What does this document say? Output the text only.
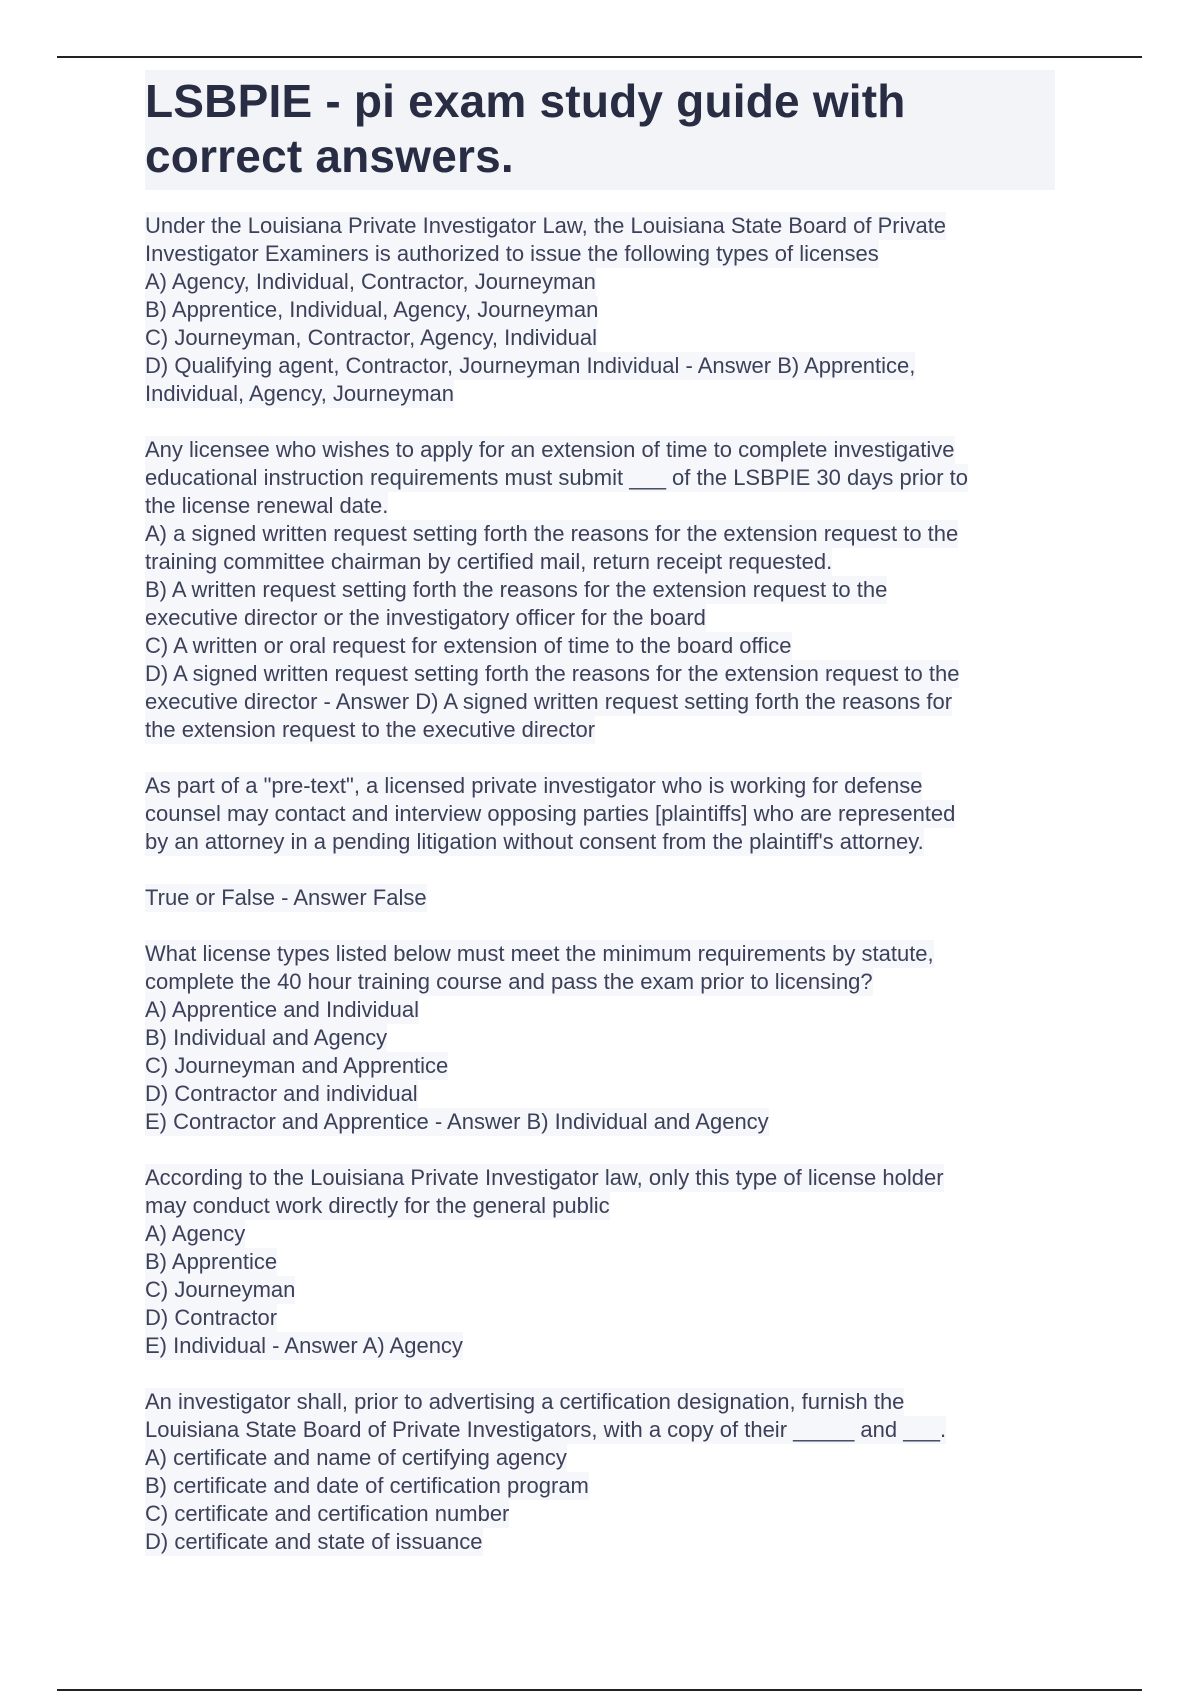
LSBPIE - pi exam study guide with
correct answers.
Under the Louisiana Private Investigator Law, the Louisiana State Board of Private
Investigator Examiners is authorized to issue the following types of licenses
A) Agency, Individual, Contractor, Journeyman
B) Apprentice, Individual, Agency, Journeyman
C) Journeyman, Contractor, Agency, Individual
D) Qualifying agent, Contractor, Journeyman Individual - Answer B) Apprentice,
Individual, Agency, Journeyman
Any licensee who wishes to apply for an extension of time to complete investigative
educational instruction requirements must submit ___ of the LSBPIE 30 days prior to
the license renewal date.
A) a signed written request setting forth the reasons for the extension request to the
training committee chairman by certified mail, return receipt requested.
B) A written request setting forth the reasons for the extension request to the
executive director or the investigatory officer for the board
C) A written or oral request for extension of time to the board office
D) A signed written request setting forth the reasons for the extension request to the
executive director - Answer D) A signed written request setting forth the reasons for
the extension request to the executive director
As part of a "pre-text", a licensed private investigator who is working for defense
counsel may contact and interview opposing parties [plaintiffs] who are represented
by an attorney in a pending litigation without consent from the plaintiff's attorney.
True or False - Answer False
What license types listed below must meet the minimum requirements by statute,
complete the 40 hour training course and pass the exam prior to licensing?
A) Apprentice and Individual
B) Individual and Agency
C) Journeyman and Apprentice
D) Contractor and individual
E) Contractor and Apprentice - Answer B) Individual and Agency
According to the Louisiana Private Investigator law, only this type of license holder
may conduct work directly for the general public
A) Agency
B) Apprentice
C) Journeyman
D) Contractor
E) Individual - Answer A) Agency
An investigator shall, prior to advertising a certification designation, furnish the
Louisiana State Board of Private Investigators, with a copy of their _____ and ___.
A) certificate and name of certifying agency
B) certificate and date of certification program
C) certificate and certification number
D) certificate and state of issuance
